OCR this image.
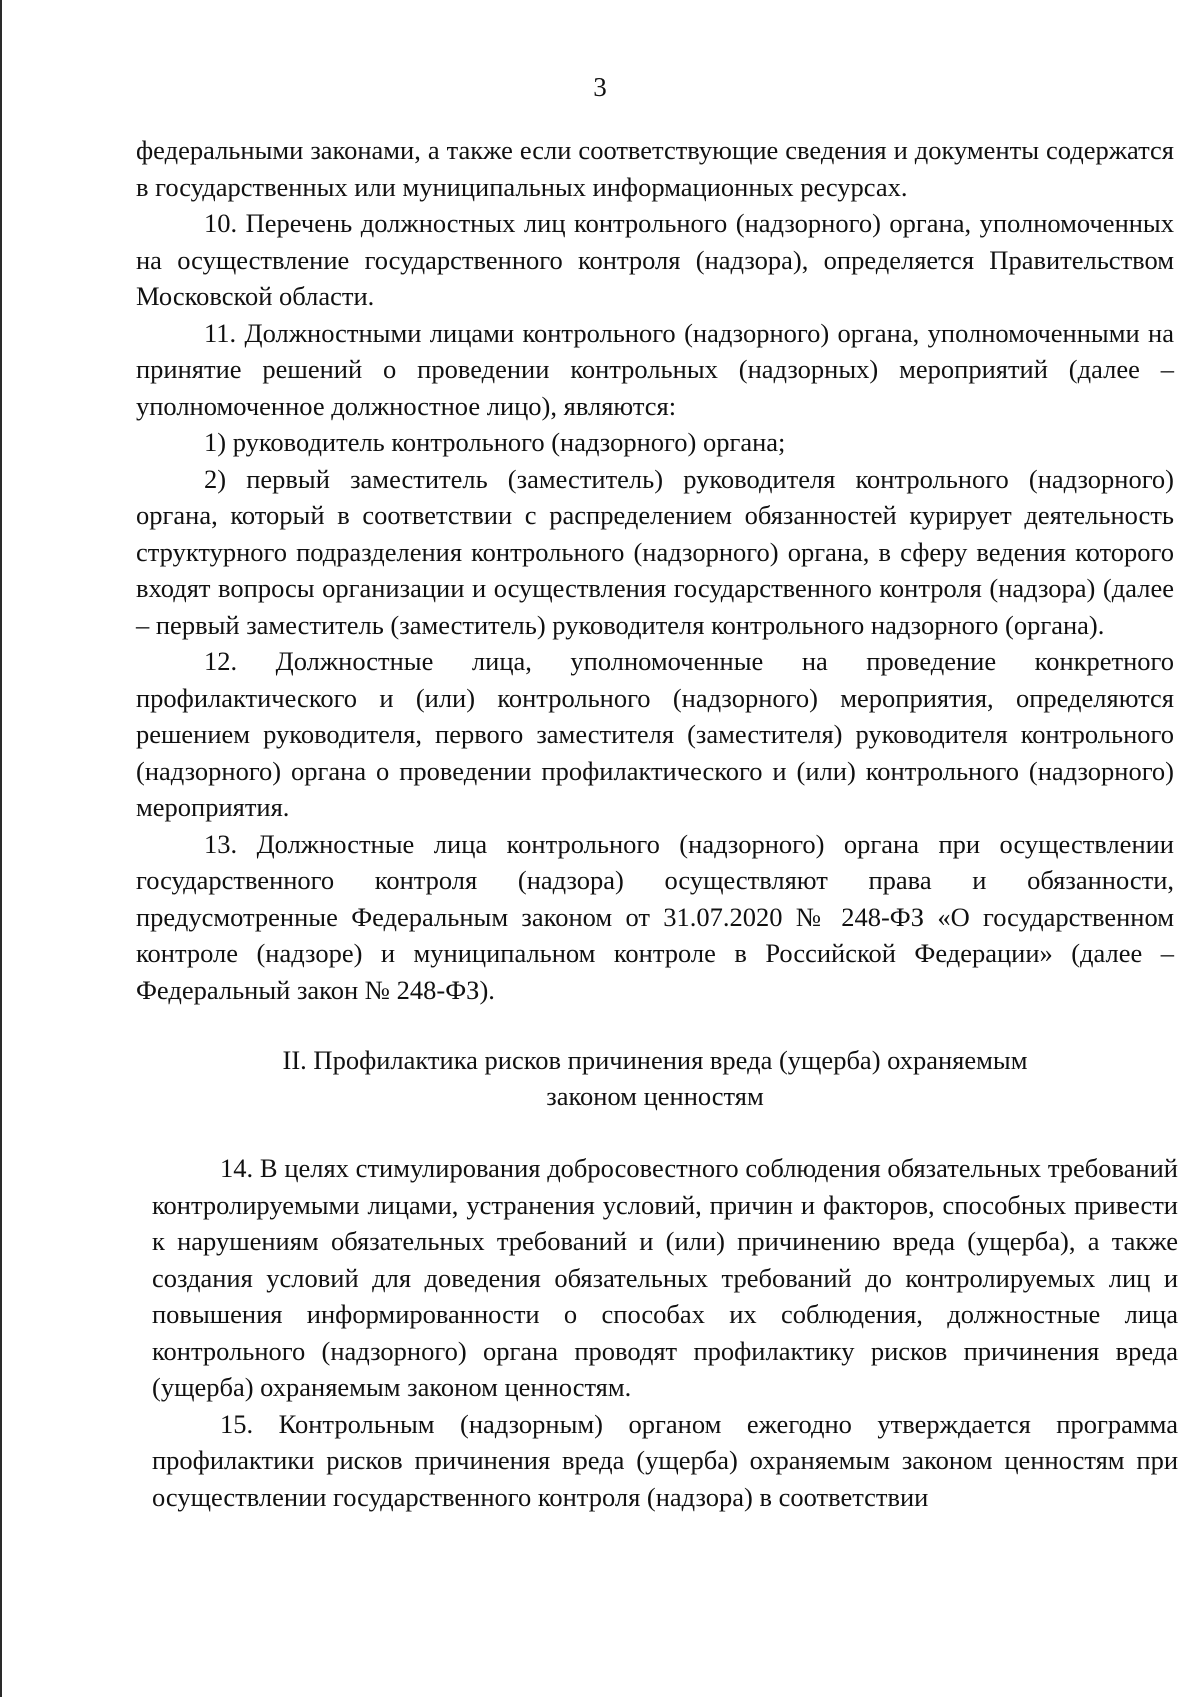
3

федеральными законами, а также если соответствующие сведения и документы содержатся в государственных или муниципальных информационных ресурсах.

10. Перечень должностных лиц контрольного (надзорного) органа, уполномоченных на осуществление государственного контроля (надзора), определяется Правительством Московской области.

11. Должностными лицами контрольного (надзорного) органа, уполномоченными на принятие решений о проведении контрольных (надзорных) мероприятий (далее – уполномоченное должностное лицо), являются:

1) руководитель контрольного (надзорного) органа;

2) первый заместитель (заместитель) руководителя контрольного (надзорного) органа, который в соответствии с распределением обязанностей курирует деятельность структурного подразделения контрольного (надзорного) органа, в сферу ведения которого входят вопросы организации и осуществления государственного контроля (надзора) (далее – первый заместитель (заместитель) руководителя контрольного надзорного (органа).

12. Должностные лица, уполномоченные на проведение конкретного профилактического и (или) контрольного (надзорного) мероприятия, определяются решением руководителя, первого заместителя (заместителя) руководителя контрольного (надзорного) органа о проведении профилактического и (или) контрольного (надзорного) мероприятия.

13. Должностные лица контрольного (надзорного) органа при осуществлении государственного контроля (надзора) осуществляют права и обязанности, предусмотренные Федеральным законом от 31.07.2020 № 248-ФЗ «О государственном контроле (надзоре) и муниципальном контроле в Российской Федерации» (далее – Федеральный закон № 248-ФЗ).

II. Профилактика рисков причинения вреда (ущерба) охраняемым

законом ценностям

14. В целях стимулирования добросовестного соблюдения обязательных требований контролируемыми лицами, устранения условий, причин и факторов, способных привести к нарушениям обязательных требований и (или) причинению вреда (ущерба), а также создания условий для доведения обязательных требований до контролируемых лиц и повышения информированности о способах их соблюдения, должностные лица контрольного (надзорного) органа проводят профилактику рисков причинения вреда (ущерба) охраняемым законом ценностям.

15. Контрольным (надзорным) органом ежегодно утверждается программа профилактики рисков причинения вреда (ущерба) охраняемым законом ценностям при осуществлении государственного контроля (надзора) в соответствии
